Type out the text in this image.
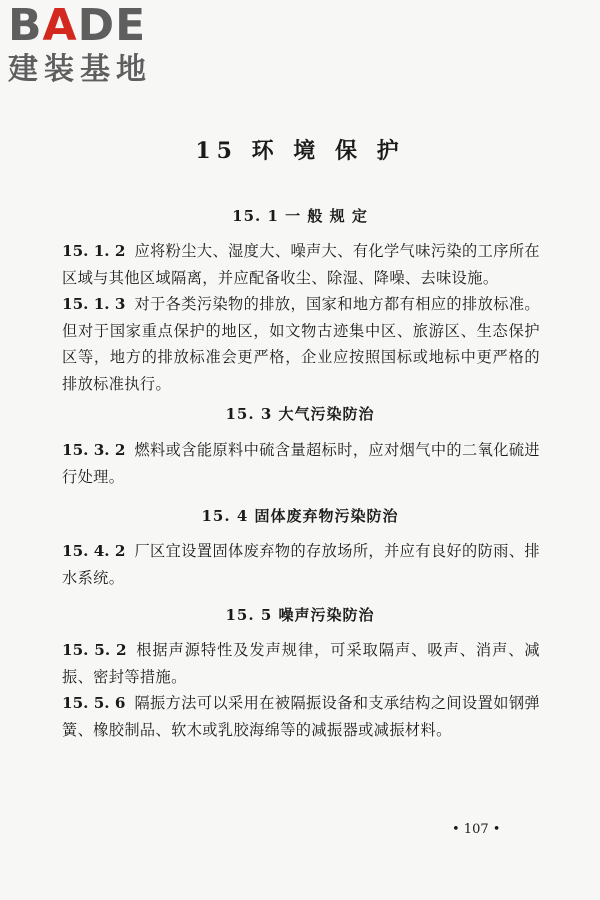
BADE
建装基地
15 环 境 保 护
15. 1 一 般 规 定
15. 1. 2 应将粉尘大、湿度大、噪声大、有化学气味污染的工序所在区域与其他区域隔离，并应配备收尘、除湿、降噪、去味设施。
15. 1. 3 对于各类污染物的排放，国家和地方都有相应的排放标准。但对于国家重点保护的地区，如文物古迹集中区、旅游区、生态保护区等，地方的排放标准会更严格，企业应按照国标或地标中更严格的排放标准执行。
15. 3 大气污染防治
15. 3. 2 燃料或含能原料中硫含量超标时，应对烟气中的二氧化硫进行处理。
15. 4 固体废弃物污染防治
15. 4. 2 厂区宜设置固体废弃物的存放场所，并应有良好的防雨、排水系统。
15. 5 噪声污染防治
15. 5. 2 根据声源特性及发声规律，可采取隔声、吸声、消声、减振、密封等措施。
15. 5. 6 隔振方法可以采用在被隔振设备和支承结构之间设置如钢弹簧、橡胶制品、软木或乳胶海绵等的减振器或减振材料。
• 107 •
